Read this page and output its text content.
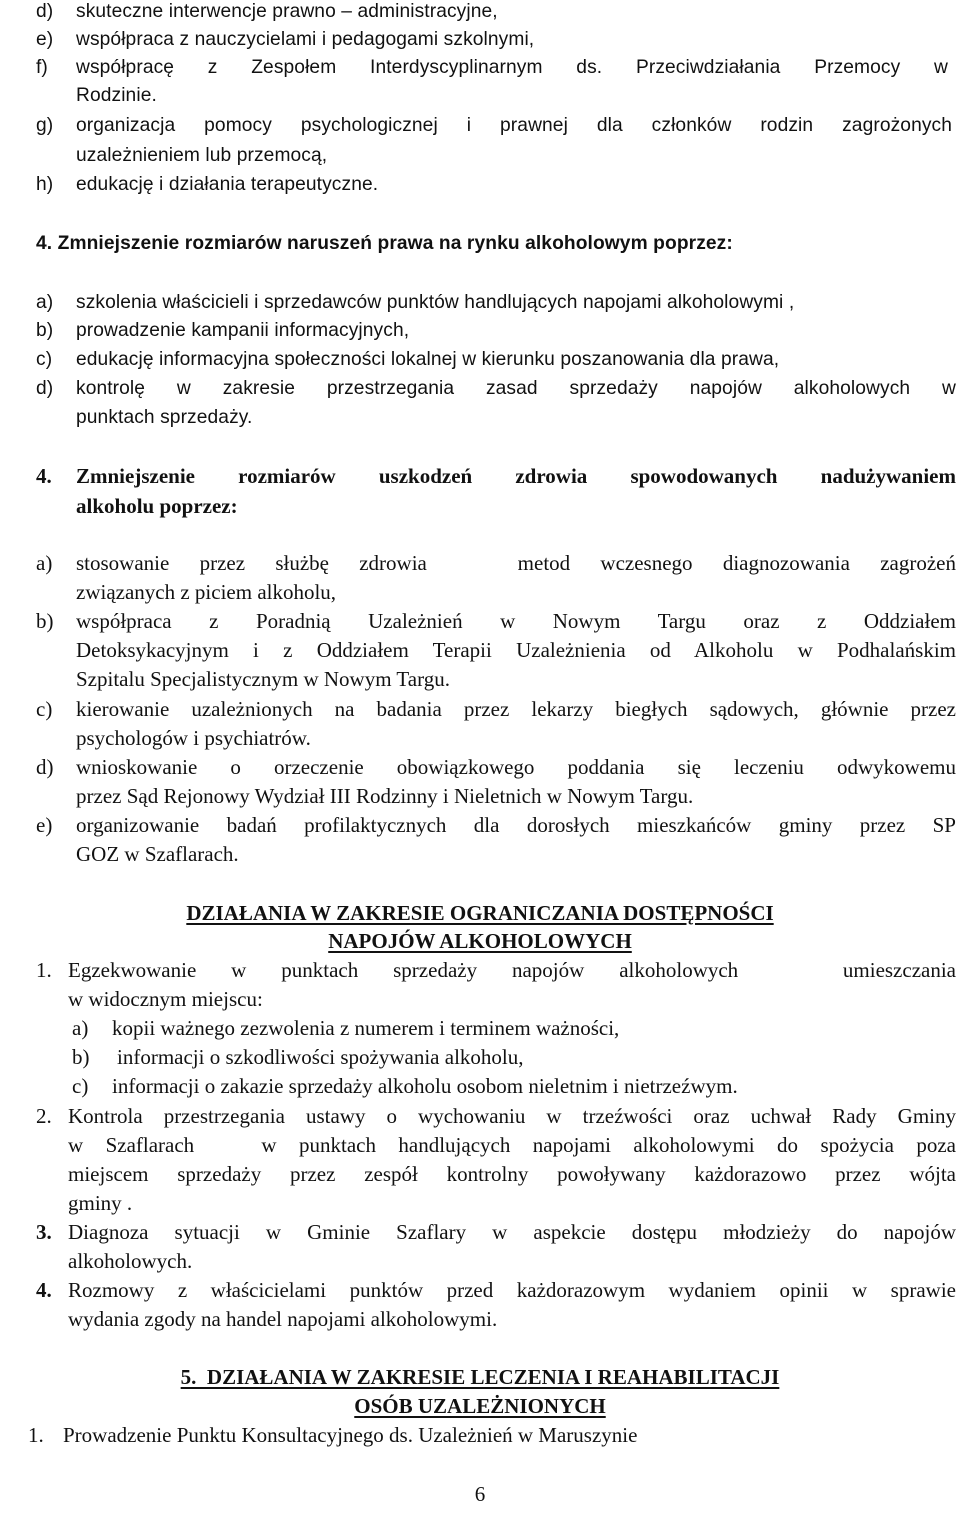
d) skuteczne interwencje prawno – administracyjne,
e) współpraca z nauczycielami i pedagogami szkolnymi,
f) współpracę z Zespołem Interdyscyplinarnym ds. Przeciwdziałania Przemocy w
Rodzinie.
g) organizacja pomocy psychologicznej i prawnej dla członków rodzin zagrożonych
uzależnieniem lub przemocą,
h) edukację i działania terapeutyczne.
4. Zmniejszenie rozmiarów naruszeń prawa na rynku alkoholowym poprzez:
a) szkolenia właścicieli i sprzedawców punktów handlujących napojami alkoholowymi ,
b) prowadzenie kampanii informacyjnych,
c) edukację informacyjna społeczności lokalnej w kierunku poszanowania dla prawa,
d) kontrolę w zakresie przestrzegania zasad sprzedaży napojów alkoholowych w
punktach sprzedaży.
4. Zmniejszenie rozmiarów uszkodzeń zdrowia spowodowanych nadużywaniem
alkoholu poprzez:
a) stosowanie przez służbę zdrowia   metod wczesnego diagnozowania zagrożeń
związanych z piciem alkoholu,
b) współpraca z Poradnią Uzależnień w Nowym Targu oraz z Oddziałem
Detoksykacyjnym i z Oddziałem Terapii Uzależnienia od Alkoholu w Podhalańskim
Szpitalu Specjalistycznym w Nowym Targu.
c) kierowanie uzależnionych na badania przez lekarzy biegłych sądowych, głównie przez
psychologów i psychiatrów.
d) wnioskowanie o orzeczenie obowiązkowego poddania się leczeniu odwykowemu
przez Sąd Rejonowy Wydział III Rodzinny i Nieletnich w Nowym Targu.
e) organizowanie badań profilaktycznych dla dorosłych mieszkańców gminy przez SP
GOZ w Szaflarach.
DZIAŁANIA W ZAKRESIE OGRANICZANIA DOSTĘPNOŚCI
NAPOJÓW ALKOHOLOWYCH
1. Egzekwowanie w punktach sprzedaży napojów alkoholowych   umieszczania
w widocznym miejscu:
a) kopii ważnego zezwolenia z numerem i terminem ważności,
b) informacji o szkodliwości spożywania alkoholu,
c) informacji o zakazie sprzedaży alkoholu osobom nieletnim i nietrzeźwym.
2. Kontrola przestrzegania ustawy o wychowaniu w trzeźwości oraz uchwał Rady Gminy
w Szaflarach   w punktach handlujących napojami alkoholowymi do spożycia poza
miejscem sprzedaży przez zespół kontrolny powoływany każdorazowo przez wójta
gminy .
3. Diagnoza sytuacji w Gminie Szaflary w aspekcie dostępu młodzieży do napojów
alkoholowych.
4. Rozmowy z właścicielami punktów przed każdorazowym wydaniem opinii w sprawie
wydania zgody na handel napojami alkoholowymi.
5.  DZIAŁANIA W ZAKRESIE LECZENIA I REAHABILITACJI
OSÓB UZALEŻNIONYCH
1. Prowadzenie Punktu Konsultacyjnego ds. Uzależnień w Maruszynie
6
